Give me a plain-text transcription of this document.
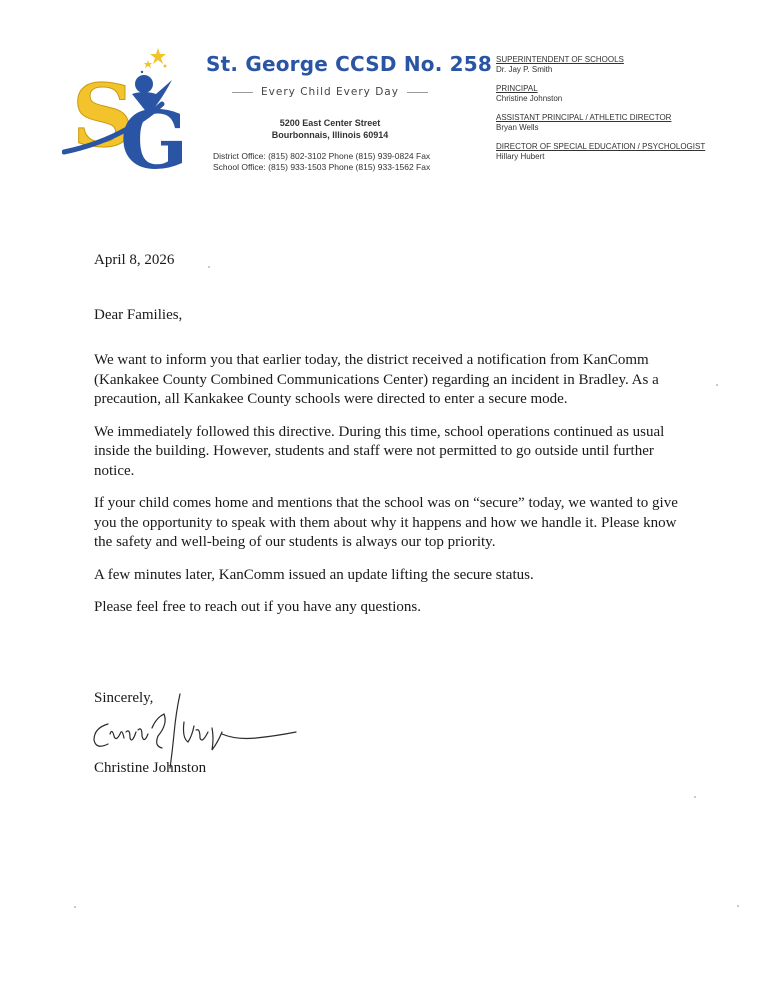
S
G
St. George CCSD No. 258
Every Child Every Day
5200 East Center Street
Bourbonnais, Illinois 60914
District Office: (815) 802-3102 Phone (815) 939-0824 Fax
School Office: (815) 933-1503 Phone (815) 933-1562 Fax
SUPERINTENDENT OF SCHOOLS
Dr. Jay P. Smith
PRINCIPAL
Christine Johnston
ASSISTANT PRINCIPAL / ATHLETIC DIRECTOR
Bryan Wells
DIRECTOR OF SPECIAL EDUCATION / PSYCHOLOGIST
Hillary Hubert
April 8, 2026
Dear Families,

We want to inform you that earlier today, the district received a notification from KanComm (Kankakee County Combined Communications Center) regarding an incident in Bradley. As a precaution, all Kankakee County schools were directed to enter a secure mode.

We immediately followed this directive. During this time, school operations continued as usual inside the building. However, students and staff were not permitted to go outside until further notice.

If your child comes home and mentions that the school was on “secure” today, we wanted to give you the opportunity to speak with them about why it happens and how we handle it. Please know the safety and well-being of our students is always our top priority.

A few minutes later, KanComm issued an update lifting the secure status.

Please feel free to reach out if you have any questions.

Sincerely,
Christine Johnston
